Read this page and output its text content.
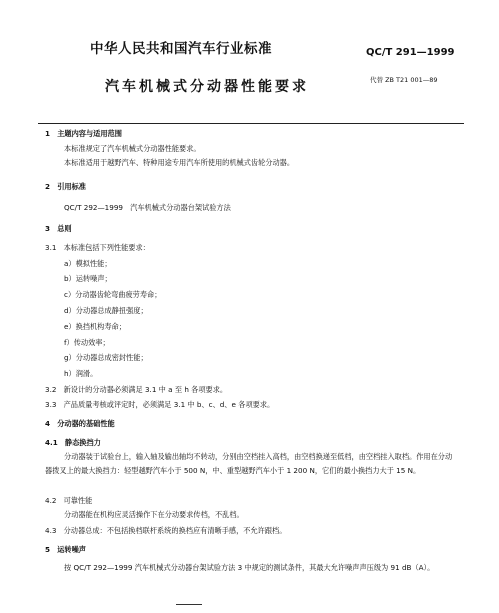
中华人民共和国汽车行业标准	QC/T 291—1999
汽车机械式分动器性能要求	代替 ZB T21 001—89
1　主题内容与适用范围
本标准规定了汽车机械式分动器性能要求。
本标准适用于越野汽车、特种用途专用汽车所使用的机械式齿轮分动器。
2　引用标准
QC/T 292—1999　汽车机械式分动器台架试验方法
3　总则
3.1　本标准包括下列性能要求：
a）模拟性能；
b）运转噪声；
c）分动器齿轮弯曲疲劳寿命；
d）分动器总成静扭强度；
e）换挡机构寿命；
f）传动效率；
g）分动器总成密封性能；
h）润滑。
3.2　新设计的分动器必须满足 3.1 中 a 至 h 各项要求。
3.3　产品质量考核或评定时，必须满足 3.1 中 b、c、d、e 各项要求。
4　分动器的基础性能
4.1　静态换挡力
分动器装于试验台上，输入轴及输出轴均不转动，分别由空档挂入高档，由空档换递至低档，由空档挂入取档。作用在分动器拨叉上的最大换挡力：轻型越野汽车小于 500 N，中、重型越野汽车小于 1 200 N，它们的最小换挡力大于 15 N。
4.2　可靠性能
分动器能在机构应灵活操作下在分动要求传档，不乱档。
4.3　分动器总成：不包括换档联杆系统的换档应有清晰手感，不允许跟档。
5　运转噪声
按 QC/T 292—1999 汽车机械式分动器台架试验方法 3 中规定的测试条件，其最大允许噪声声压级为 91 dB（A）。
